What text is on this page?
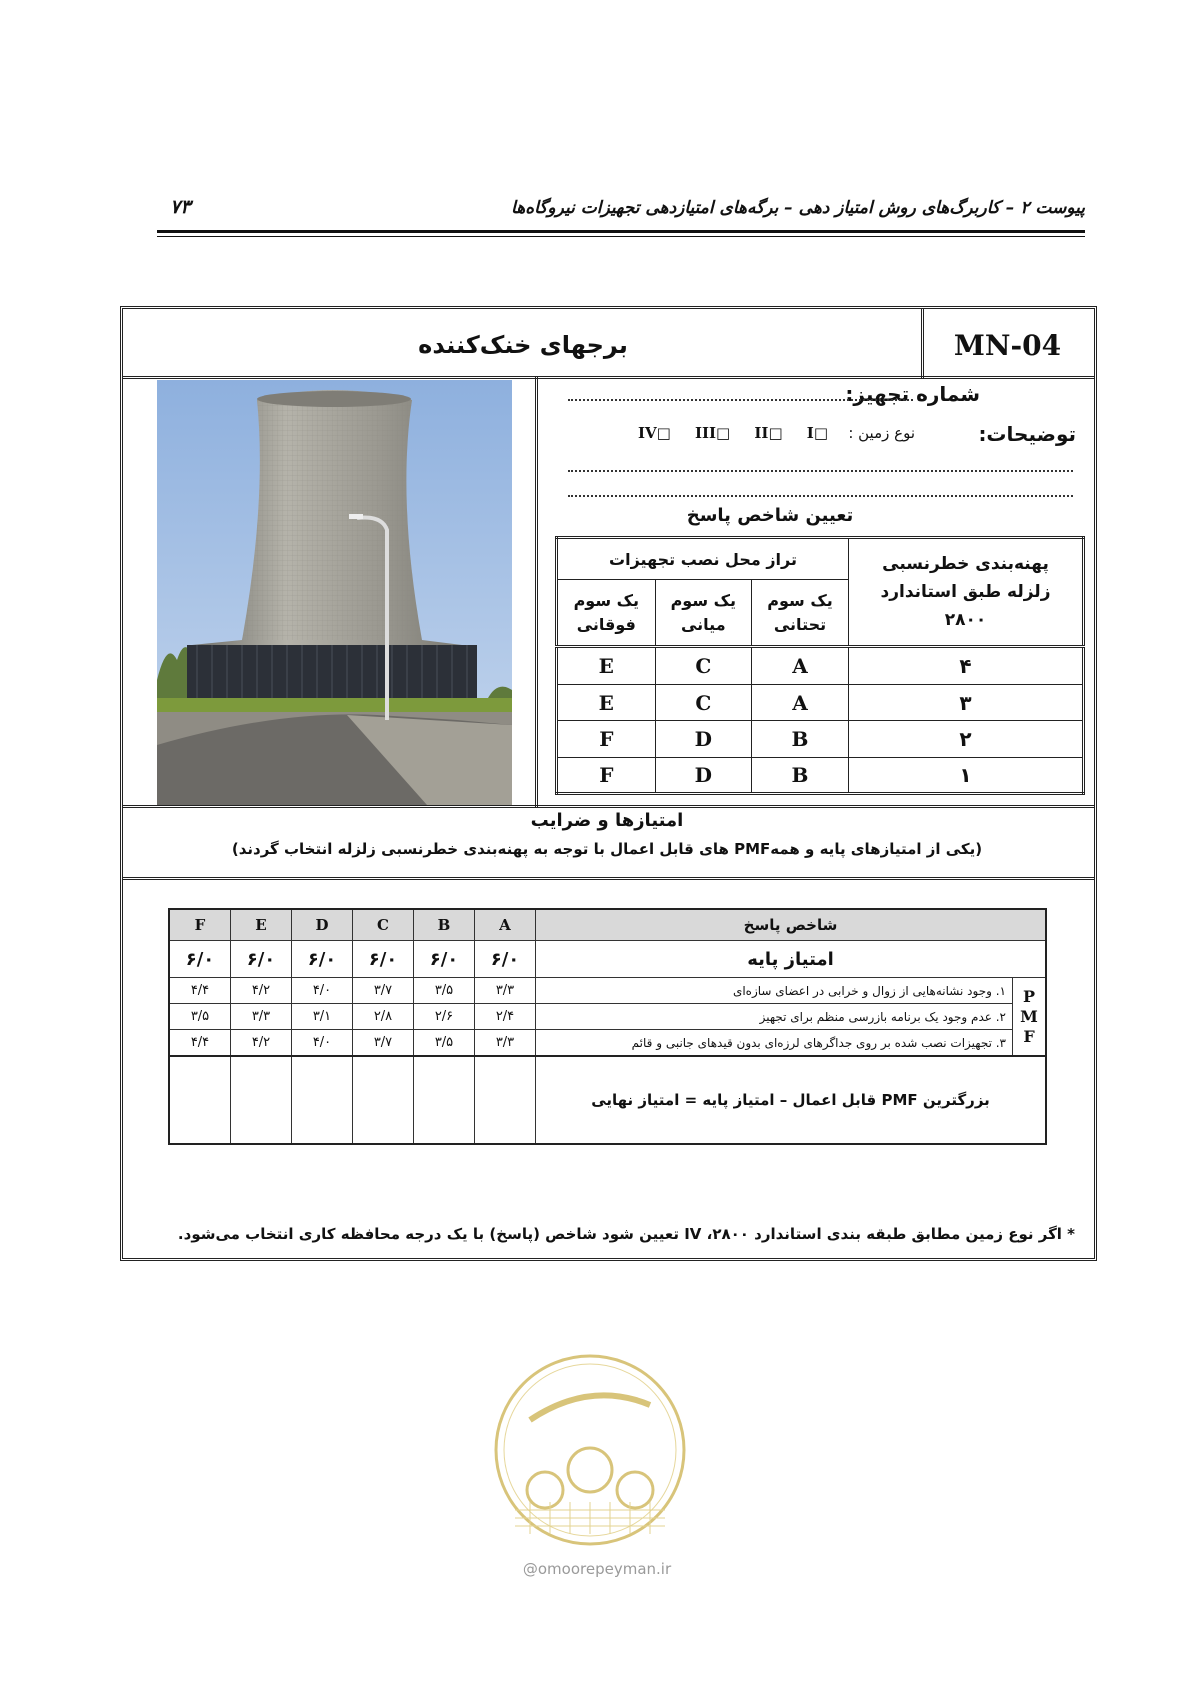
پیوست ۲ – کاربرگ‌های روش امتیاز دهی – برگه‌های امتیازدهی تجهیزات نیروگاه‌ها
۷۳
MN-04
برجهای خنک‌کننده
شماره تجهیز:
توضیحات:
نوع زمین :
I□
II□
III□
IV□
تعیین شاخص پاسخ
تراز محل نصب تجهیزات			پهنه‌بندی خطرنسبی زلزله طبق استاندارد ۲۸۰۰
یک سوم فوقانی	یک سوم میانی	یک سوم تحتانی	
E	C	A	۴
E	C	A	۳
F	D	B	۲
F	D	B	۱
امتیازها و ضرایب
(یکی از امتیازهای پایه و همهPMF های قابل اعمال با توجه به پهنه‌بندی خطرنسبی زلزله انتخاب گردند)
F	E	D	C	B	A	شاخص پاسخ	
۶/۰	۶/۰	۶/۰	۶/۰	۶/۰	۶/۰	امتیاز پایه	
۴/۴	۴/۲	۴/۰	۳/۷	۳/۵	۳/۳	۱. وجود نشانه‌هایی از زوال و خرابی در اعضای سازه‌ای	P
M
F

۳/۵	۳/۳	۳/۱	۲/۸	۲/۶	۲/۴	۲. عدم وجود یک برنامه بازرسی منظم برای تجهیز	
۴/۴	۴/۲	۴/۰	۳/۷	۳/۵	۳/۳	۳. تجهیزات نصب شده بر روی جداگرهای لرزه‌ای بدون قیدهای جانبی و قائم	
						بزرگترین PMF قابل اعمال – امتیاز پایه = امتیاز نهایی	
* اگر نوع زمین مطابق طبقه بندی استاندارد ۲۸۰۰، IV تعیین شود شاخص (پاسخ) با یک درجه محافظه کاری انتخاب می‌شود.
@omoorepeyman.ir
